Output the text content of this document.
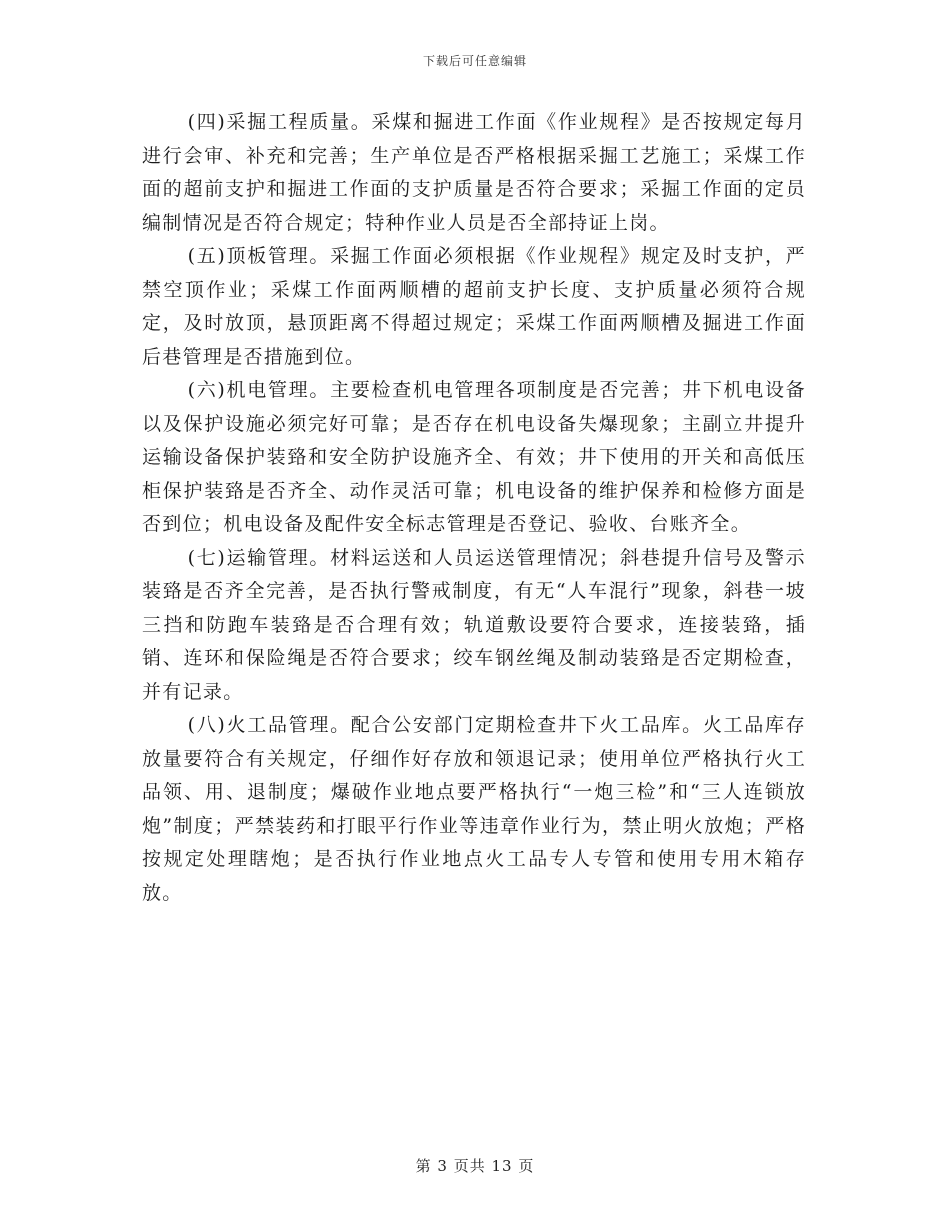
下载后可任意编辑

(四)采掘工程质量。采煤和掘进工作面《作业规程》是否按规定每月进行会审、补充和完善；生产单位是否严格根据采掘工艺施工；采煤工作面的超前支护和掘进工作面的支护质量是否符合要求；采掘工作面的定员编制情况是否符合规定；特种作业人员是否全部持证上岗。

(五)顶板管理。采掘工作面必须根据《作业规程》规定及时支护，严禁空顶作业；采煤工作面两顺槽的超前支护长度、支护质量必须符合规定，及时放顶，悬顶距离不得超过规定；采煤工作面两顺槽及掘进工作面后巷管理是否措施到位。

(六)机电管理。主要检查机电管理各项制度是否完善；井下机电设备以及保护设施必须完好可靠；是否存在机电设备失爆现象；主副立井提升运输设备保护装臵和安全防护设施齐全、有效；井下使用的开关和高低压柜保护装臵是否齐全、动作灵活可靠；机电设备的维护保养和检修方面是否到位；机电设备及配件安全标志管理是否登记、验收、台账齐全。

(七)运输管理。材料运送和人员运送管理情况；斜巷提升信号及警示装臵是否齐全完善，是否执行警戒制度，有无“人车混行”现象，斜巷一坡三挡和防跑车装臵是否合理有效；轨道敷设要符合要求，连接装臵，插销、连环和保险绳是否符合要求；绞车钢丝绳及制动装臵是否定期检查，并有记录。

(八)火工品管理。配合公安部门定期检查井下火工品库。火工品库存放量要符合有关规定，仔细作好存放和领退记录；使用单位严格执行火工品领、用、退制度；爆破作业地点要严格执行“一炮三检”和“三人连锁放炮”制度；严禁装药和打眼平行作业等违章作业行为，禁止明火放炮；严格按规定处理瞎炮；是否执行作业地点火工品专人专管和使用专用木箱存放。

第 3 页共 13 页
